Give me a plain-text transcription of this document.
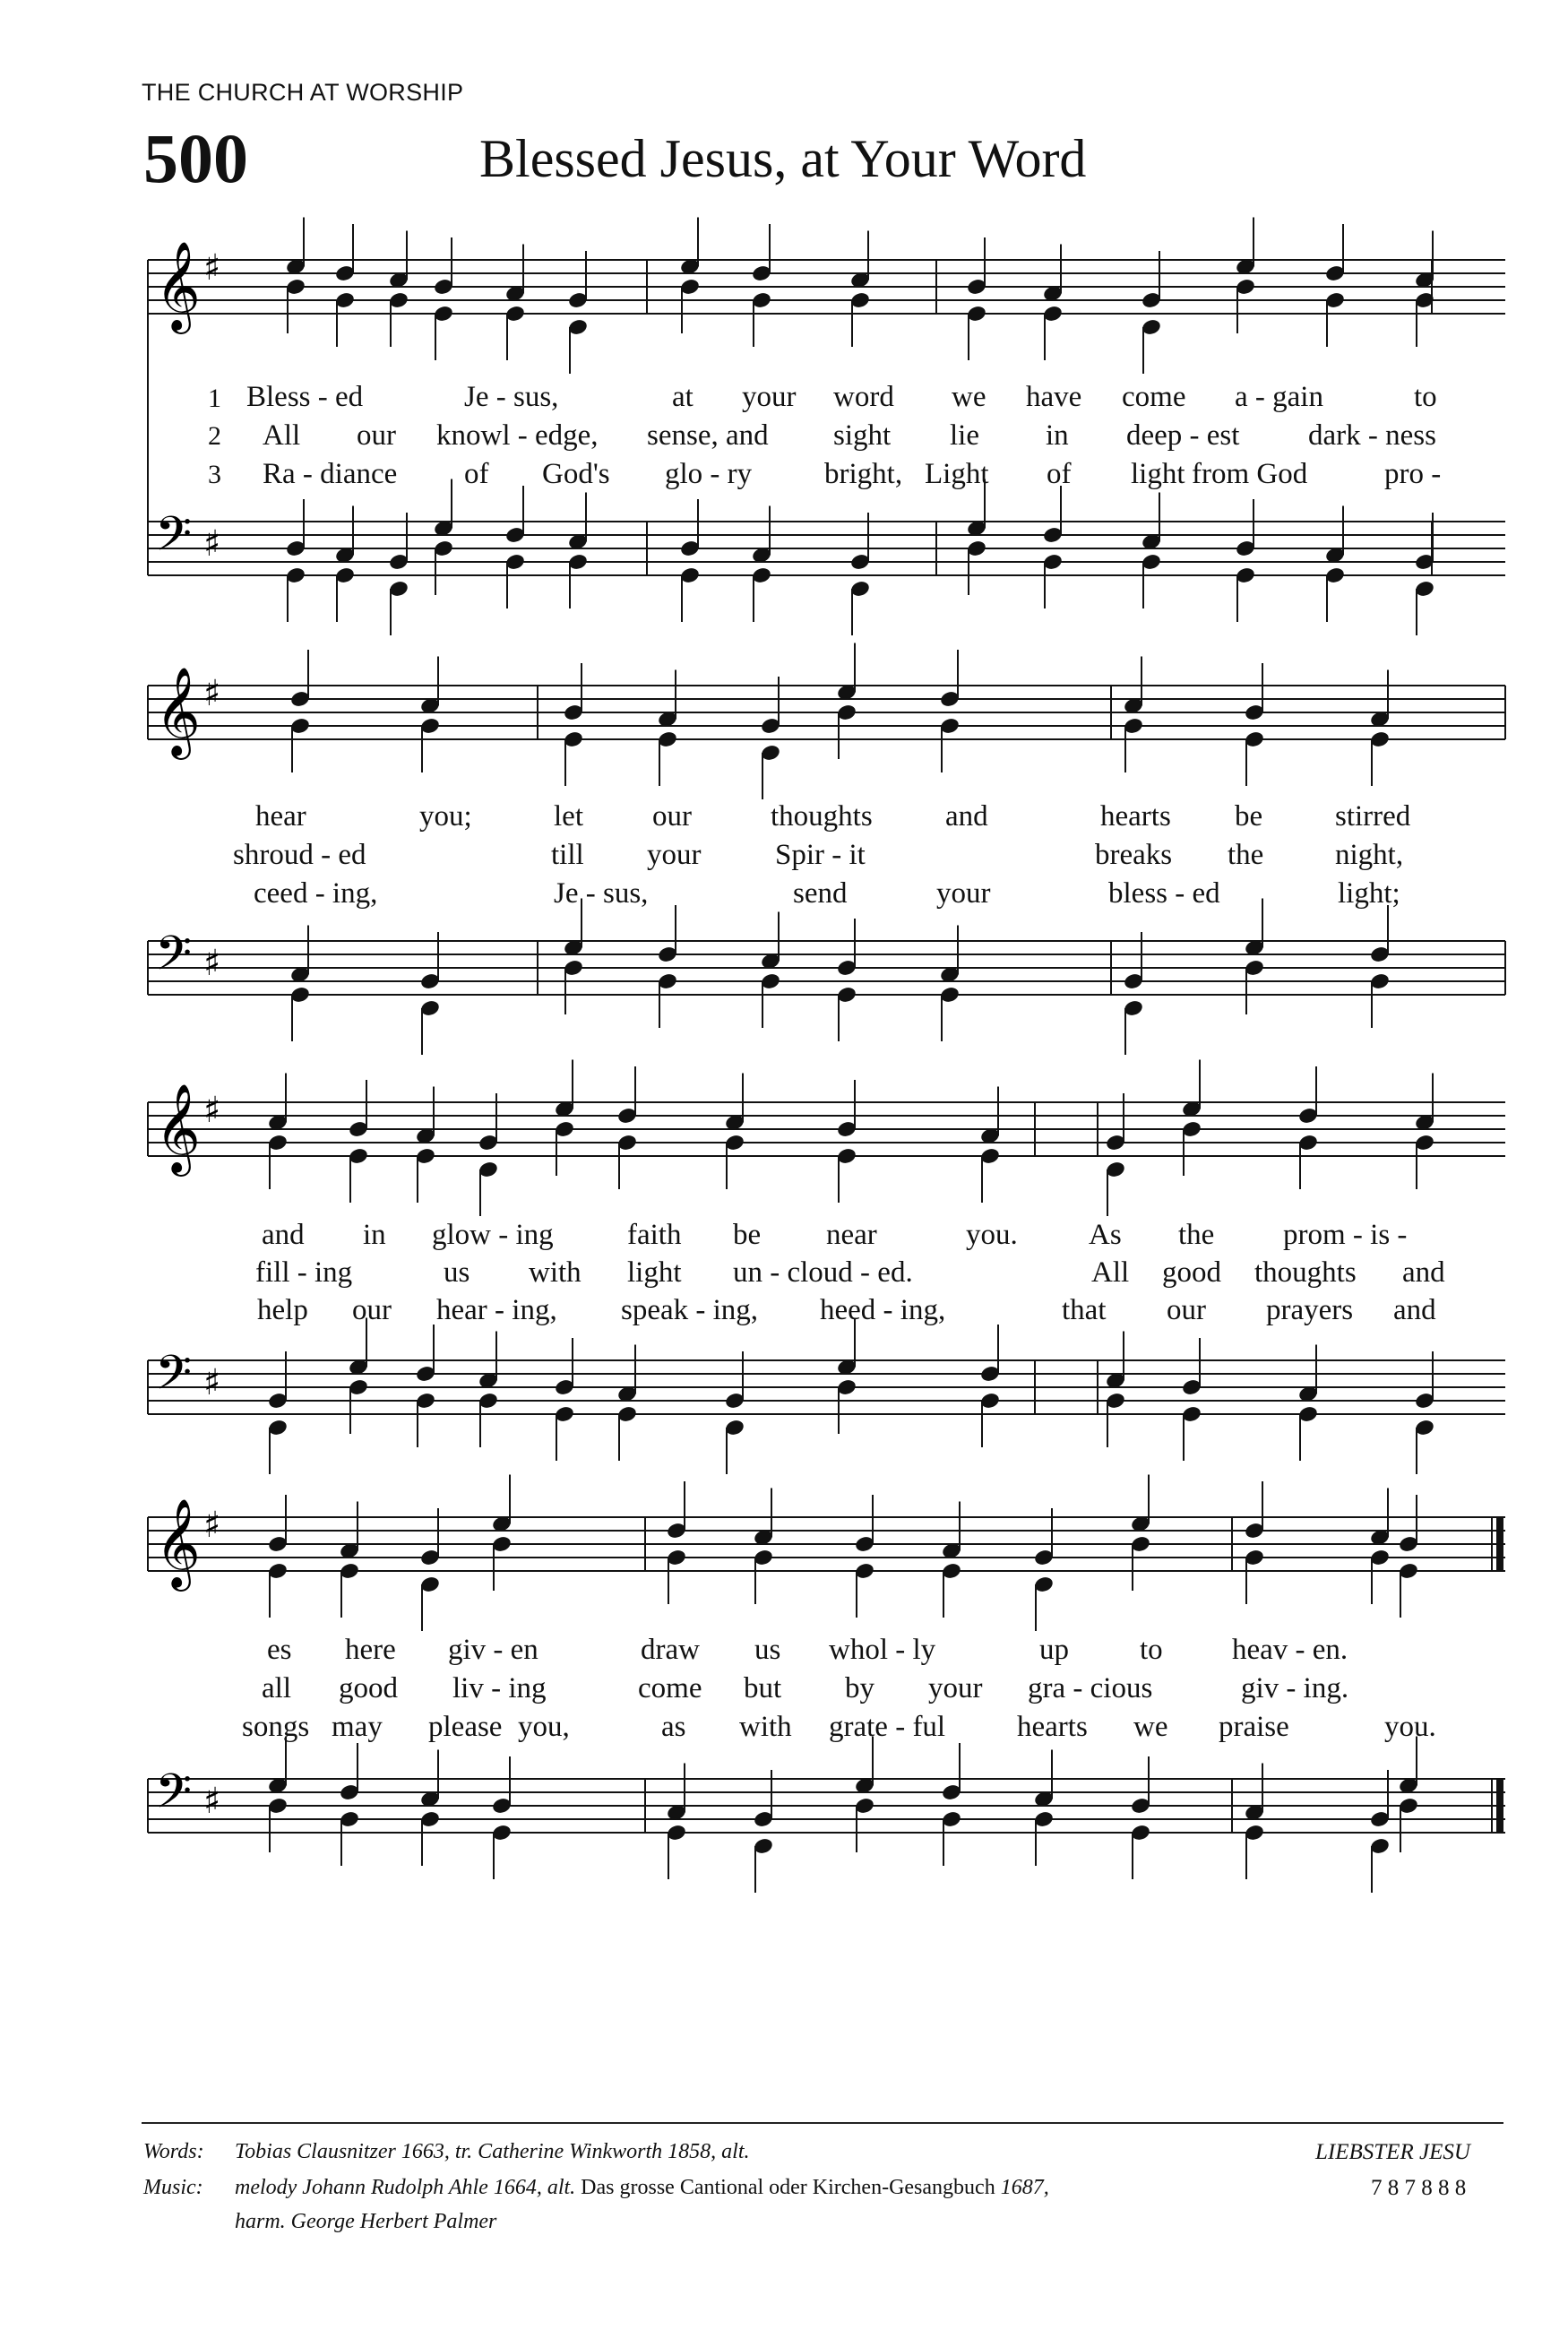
THE CHURCH AT WORSHIP
500	Blessed Jesus, at Your Word
𝄞 ♯
𝄢 ♯
𝄞 ♯
𝄢 ♯
𝄞 ♯
𝄢 ♯
𝄞 ♯
𝄢 ♯
1
2
3
Bless - ed	Je - sus,	at your word we have come a - gain	to
All our knowl - edge, sense, and sight lie in deep - est dark - ness
Ra - diance of God's glo - ry bright, Light of light from God	pro -
hear	you;	let our	thoughts and	hearts be stirred
shroud - ed	till your	Spir - it	breaks the night,
ceed - ing,	Je - sus,	send	your	bless - ed	light;
and in glow - ing faith be near	you. As the prom - is -
fill - ing	us with light un - cloud - ed.	All good thoughts and
help our hear - ing, speak - ing, heed - ing,	that our prayers and
es here giv - en	draw us whol - ly	up to heav - en.
all good liv - ing	come but by your gra - cious	giv - ing.
songs may please you,	as with grate - ful hearts we praise	you.
Words: Tobias Clausnitzer 1663, tr. Catherine Winkworth 1858, alt.
Music: melody Johann Rudolph Ahle 1664, alt. Das grosse Cantional oder Kirchen-Gesangbuch 1687,
harm. George Herbert Palmer
LIEBSTER JESU
7 8 7 8 8 8
